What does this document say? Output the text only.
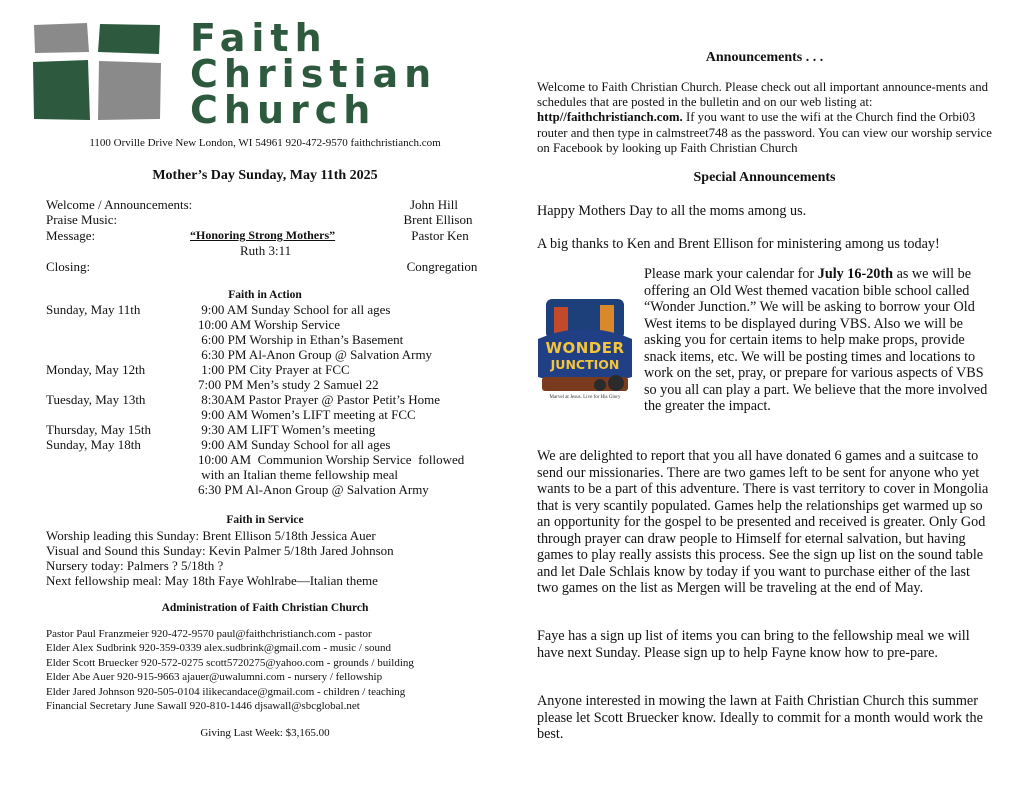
Faith
Christian
Church
1100 Orville Drive New London, WI 54961 920-472-9570 faithchristianch.com
Mother’s Day Sunday, May 11th 2025
Welcome / Announcements:	John Hill
Praise Music:	Brent Ellison
Message:	“Honoring Strong Mothers”	Pastor Ken
Ruth 3:11
Closing:	Congregation
Faith in Action
Sunday, May 11th	9:00 AM Sunday School for all ages
10:00 AM Worship Service
6:00 PM Worship in Ethan’s Basement
6:30 PM Al-Anon Group @ Salvation Army
Monday, May 12th	1:00 PM City Prayer at FCC
7:00 PM Men’s study 2 Samuel 22
Tuesday, May 13th	8:30AM Pastor Prayer @ Pastor Petit’s Home
9:00 AM Women’s LIFT meeting at FCC
Thursday, May 15th	9:30 AM LIFT Women’s meeting
Sunday, May 18th	9:00 AM Sunday School for all ages
10:00 AM  Communion Worship Service  followed
with an Italian theme fellowship meal
6:30 PM Al-Anon Group @ Salvation Army
Faith in Service
Worship leading this Sunday: Brent Ellison 5/18th Jessica Auer
Visual and Sound this Sunday: Kevin Palmer 5/18th Jared Johnson
Nursery today: Palmers ? 5/18th ?
Next fellowship meal: May 18th Faye Wohlrabe—Italian theme
Administration of Faith Christian Church
Pastor Paul Franzmeier 920-472-9570 paul@faithchristianch.com - pastor
Elder Alex Sudbrink 920-359-0339 alex.sudbrink@gmail.com - music / sound
Elder Scott Bruecker 920-572-0275 scott5720275@yahoo.com - grounds / building
Elder Abe Auer 920-915-9663 ajauer@uwalumni.com - nursery / fellowship
Elder Jared Johnson 920-505-0104 ilikecandace@gmail.com - children / teaching
Financial Secretary June Sawall 920-810-1446 djsawall@sbcglobal.net
Giving Last Week: $3,165.00
Announcements . . .
Welcome to Faith Christian Church. Please check out all important announce-ments and schedules that are posted in the bulletin and on our web listing at: http//faithchristianch.com. If you want to use the wifi at the Church find the Orbi03 router and then type in calmstreet748 as the password. You can view our worship service on Facebook by looking up Faith Christian Church
Special Announcements
Happy Mothers Day to all the moms among us.
A big thanks to Ken and Brent Ellison for ministering among us today!
WONDER
JUNCTION
Marvel at Jesus. Live for His Glory
Please mark your calendar for July 16-20th as we will be offering an Old West themed vacation bible school called “Wonder Junction.” We will be asking to borrow your Old West items to be displayed during VBS. Also we will be asking you for certain items to help make props, provide snack items, etc. We will be posting times and locations to work on the set, pray, or prepare for various aspects of VBS so you all can play a part. We believe that the more involved the greater the impact.
We are delighted to report that you all have donated 6 games and a suitcase to send our missionaries. There are two games left to be sent for anyone who yet wants to be a part of this adventure. There is vast territory to cover in Mongolia that is very scantily populated. Games help the relationships get warmed up so an opportunity for the gospel to be presented and received is greater. Only God through prayer can draw people to Himself for eternal salvation, but having games to play really assists this process. See the sign up list on the sound table and let Dale Schlais know by today if you want to purchase either of the last two games on the list as Mergen will be traveling at the end of May.
Faye has a sign up list of items you can bring to the fellowship meal we will have next Sunday. Please sign up to help Fayne know how to pre-pare.
Anyone interested in mowing the lawn at Faith Christian Church this summer please let Scott Bruecker know. Ideally to commit for a month would work the best.
